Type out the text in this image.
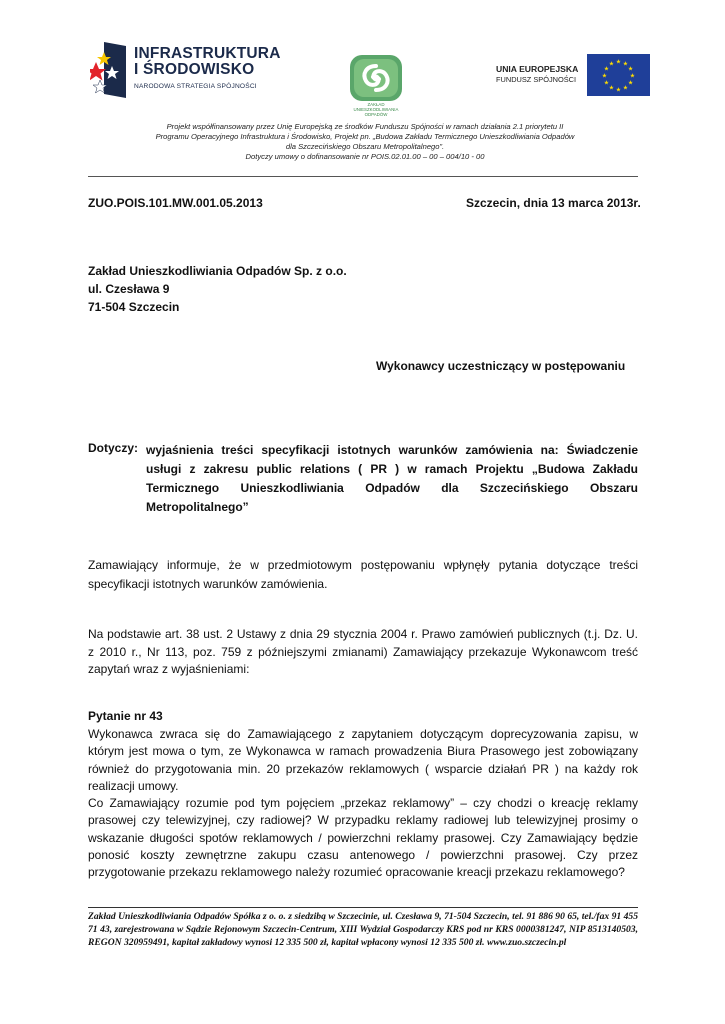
INFRASTRUKTURA
I ŚRODOWISKO
NARODOWA STRATEGIA SPÓJNOŚCI
ZAKŁAD
UNIESZKODLIWIANIA
ODPADÓW
UNIA EUROPEJSKA
FUNDUSZ SPÓJNOŚCI
★ ★
★
★
★
★
★
★
★
★
★
★
Projekt współfinansowany przez Unię Europejską ze środków Funduszu Spójności w ramach działania 2.1 priorytetu II
Programu Operacyjnego Infrastruktura i Środowisko, Projekt pn. „Budowa Zakładu Termicznego Unieszkodliwiania Odpadów
dla Szczecińskiego Obszaru Metropolitalnego”.
Dotyczy umowy o dofinansowanie nr POIS.02.01.00 – 00 – 004/10 - 00
ZUO.POIS.101.MW.001.05.2013	Szczecin, dnia 13 marca 2013r.
Zakład Unieszkodliwiania Odpadów Sp. z o.o.
ul. Czesława 9
71-504 Szczecin
Wykonawcy uczestniczący w postępowaniu
Dotyczy: wyjaśnienia treści specyfikacji istotnych warunków zamówienia na: Świadczenie usługi z zakresu public relations ( PR ) w ramach Projektu „Budowa Zakładu Termicznego Unieszkodliwiania Odpadów dla Szczecińskiego Obszaru Metropolitalnego”
Zamawiający informuje, że w przedmiotowym postępowaniu wpłynęły pytania dotyczące treści specyfikacji istotnych warunków zamówienia.
Na podstawie art. 38 ust. 2 Ustawy z dnia 29 stycznia 2004 r. Prawo zamówień publicznych (t.j. Dz. U. z 2010 r., Nr 113, poz. 759 z późniejszymi zmianami) Zamawiający przekazuje Wykonawcom treść zapytań wraz z wyjaśnieniami:
Pytanie nr 43
Wykonawca zwraca się do Zamawiającego z zapytaniem dotyczącym doprecyzowania zapisu, w którym jest mowa o tym, ze Wykonawca w ramach prowadzenia Biura Prasowego jest zobowiązany również do przygotowania min. 20 przekazów reklamowych ( wsparcie działań PR ) na każdy rok realizacji umowy.
Co Zamawiający rozumie pod tym pojęciem „przekaz reklamowy” – czy chodzi o kreację reklamy prasowej czy telewizyjnej, czy radiowej? W przypadku reklamy radiowej lub telewizyjnej prosimy o wskazanie długości spotów reklamowych / powierzchni reklamy prasowej. Czy Zamawiający będzie ponosić koszty zewnętrzne zakupu czasu antenowego / powierzchni prasowej. Czy przez przygotowanie przekazu reklamowego należy rozumieć opracowanie kreacji przekazu reklamowego?
Zakład Unieszkodliwiania Odpadów Spółka z o. o. z siedzibą w Szczecinie, ul. Czesława 9, 71-504 Szczecin, tel. 91 886 90 65, tel./fax 91 455 71 43, zarejestrowana w Sądzie Rejonowym Szczecin-Centrum, XIII Wydział Gospodarczy KRS pod nr KRS 0000381247, NIP 8513140503, REGON 320959491, kapitał zakładowy wynosi 12 335 500 zł, kapitał wpłacony wynosi 12 335 500 zł. www.zuo.szczecin.pl
